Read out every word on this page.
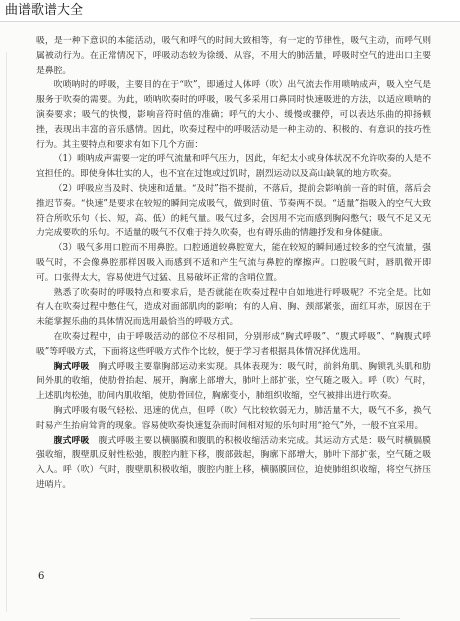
曲谱歌谱大全

吸，是一种下意识的本能活动，吸气和呼气的时间大致相等，有一定的节律性，吸气主动，而呼气则属被动行为。在正常情况下，呼吸动态较为徐缓、从容，不用大的肺活量，呼吸时空气的进出口主要是鼻腔。

吹唢呐时的呼吸，主要目的在于“吹”，即通过人体呼（吹）出气流去作用唢呐成声，吸入空气是服务于吹奏的需要。为此，唢呐吹奏时的呼吸，吸气多采用口鼻同时快速吸进的方法，以适应唢呐的演奏要求；吸气的快慢，影响音符时值的准确；呼气的大小、缓慢或骤停，可以表达乐曲的抑扬顿挫，表现出丰富的音乐感情。因此，吹奏过程中的呼吸活动是一种主动的、积极的、有意识的技巧性行为。其主要特点和要求有如下几个方面：

（1）唢呐成声需要一定的呼气流量和呼气压力，因此，年纪太小或身体状况不允许吹奏的人是不宜担任的。即使身体壮实的人，也不宜在过饱或过饥时，剧烈运动以及高山缺氧的地方吹奏。

（2）呼吸应当及时、快速和适量。“及时”指不提前，不落后，提前会影响前一音的时值，落后会推迟节奏。“快速”是要求在较短的瞬间完成吸气，做到时值、节奏两不误。“适量”指吸入的空气大致符合所吹乐句（长、短，高、低）的耗气量。吸气过多，会因用不完而感到胸闷憋气；吸气不足又无力完成要吹的乐句。不适量的吸气不仅难于持久吹奏，也有碍乐曲的情趣抒发和身体健康。

（3）吸气多用口腔而不用鼻腔。口腔通道较鼻腔宽大，能在较短的瞬间通过较多的空气流量，强吸气时，不会像鼻腔那样因吸入而感到不适和产生气流与鼻腔的摩擦声。口腔吸气时，唇肌微开即可。口张得太大，容易使进气过猛、且易破坏正常的含哨位置。

熟悉了吹奏时的呼吸特点和要求后，是否就能在吹奏过程中自如地进行呼吸呢？不完全是。比如有人在吹奏过程中憋住气，造成对面部肌肉的影响；有的人肩、胸、颈部紧张，面红耳赤，原因在于未能掌握乐曲的具体情况而选用最恰当的呼吸方式。

在吹奏过程中，由于呼吸活动的部位不尽相同，分别形成“胸式呼吸”、“腹式呼吸”、“胸腹式呼吸”等呼吸方式，下面将这些呼吸方式作个比较，便于学习者根据具体情况择优选用。

胸式呼吸　 胸式呼吸主要靠胸部运动来实现。具体表现为：吸气时，前斜角肌、胸锁乳头肌和肋间外肌的收缩，使肋骨抬起、展开，胸廓上部增大，肺叶上部扩张，空气随之吸入。呼（吹）气时，上述肌肉松弛，肋间内肌收缩，使肋骨回位，胸廓变小，肺组织收缩，空气被排出进行吹奏。

胸式呼吸有吸气轻松、迅速的优点，但呼（吹）气比较软弱无力，肺活量不大，吸气不多，换气时易产生抬肩耸背的现象。容易使吹奏快速复杂而时间相对短的乐句时用“抢气”外，一般不宜采用。

腹式呼吸　 腹式呼吸主要以横膈膜和腹肌的积极收缩活动来完成。其运动方式是：吸气时横膈膜强收缩，腹壁肌反射性松弛，腹腔内脏下移，腹部鼓起，胸廓下部增大，肺叶下部扩张，空气随之吸入人。呼（吹）气时，腹壁肌积极收缩，腹腔内脏上移，横膈膜回位，迫使肺组织收缩，将空气挤压进哨片。

6
